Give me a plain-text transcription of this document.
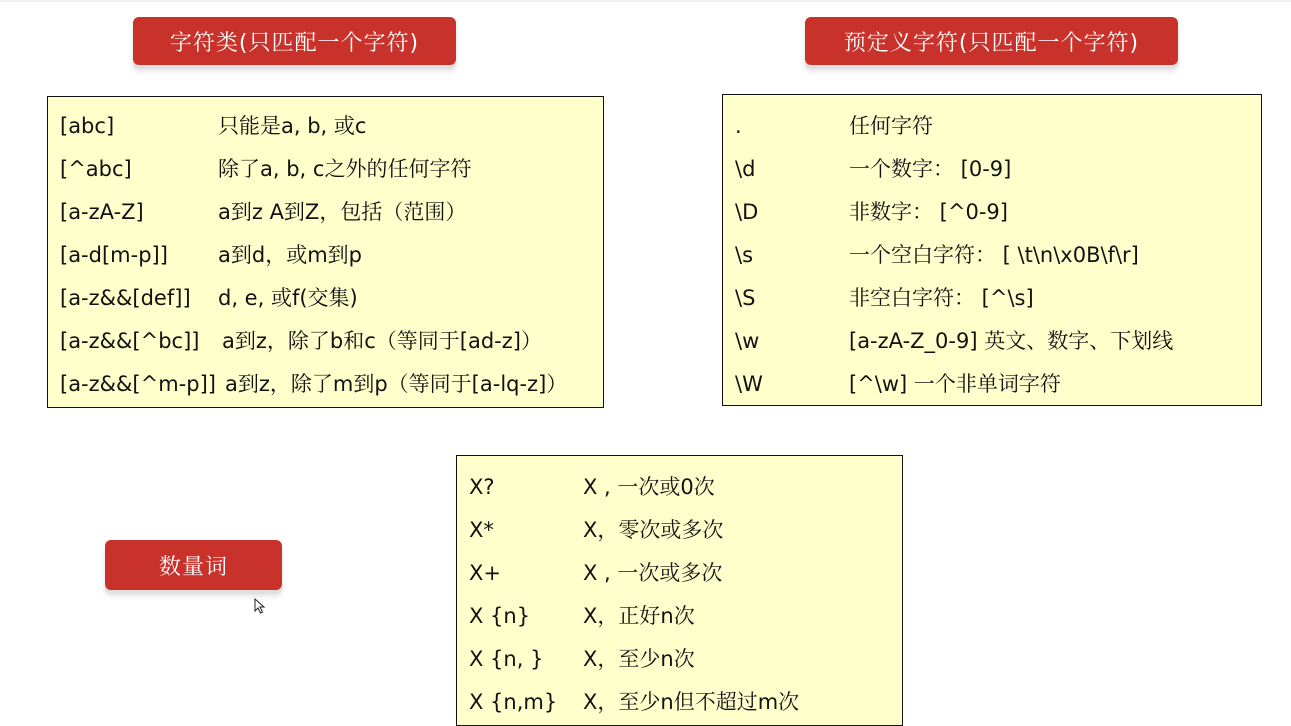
字符类(只匹配一个字符)	预定义字符(只匹配一个字符)
数量词
[abc]	只能是a, b, 或c
[^abc]	除了a, b, c之外的任何字符
[a-zA-Z]	a到z A到Z，包括（范围）
[a-d[m-p]] a到d，或m到p
[a-z&&[def]] d, e, 或f(交集)
[a-z&&[^bc]] a到z，除了b和c（等同于[ad-z]）
[a-z&&[^m-p]] a到z，除了m到p（等同于[a-lq-z]）
.	任何字符
\d	一个数字： [0-9]
\D	非数字： [^0-9]
\s	一个空白字符： [ \t\n\x0B\f\r]
\S	非空白字符： [^\s]
\w	[a-zA-Z_0-9] 英文、数字、下划线
\W	[^\w] 一个非单词字符
X?	X , 一次或0次
X*	X，零次或多次
X+	X , 一次或多次
X {n}	X，正好n次
X {n, } X，至少n次
X {n,m} X，至少n但不超过m次
